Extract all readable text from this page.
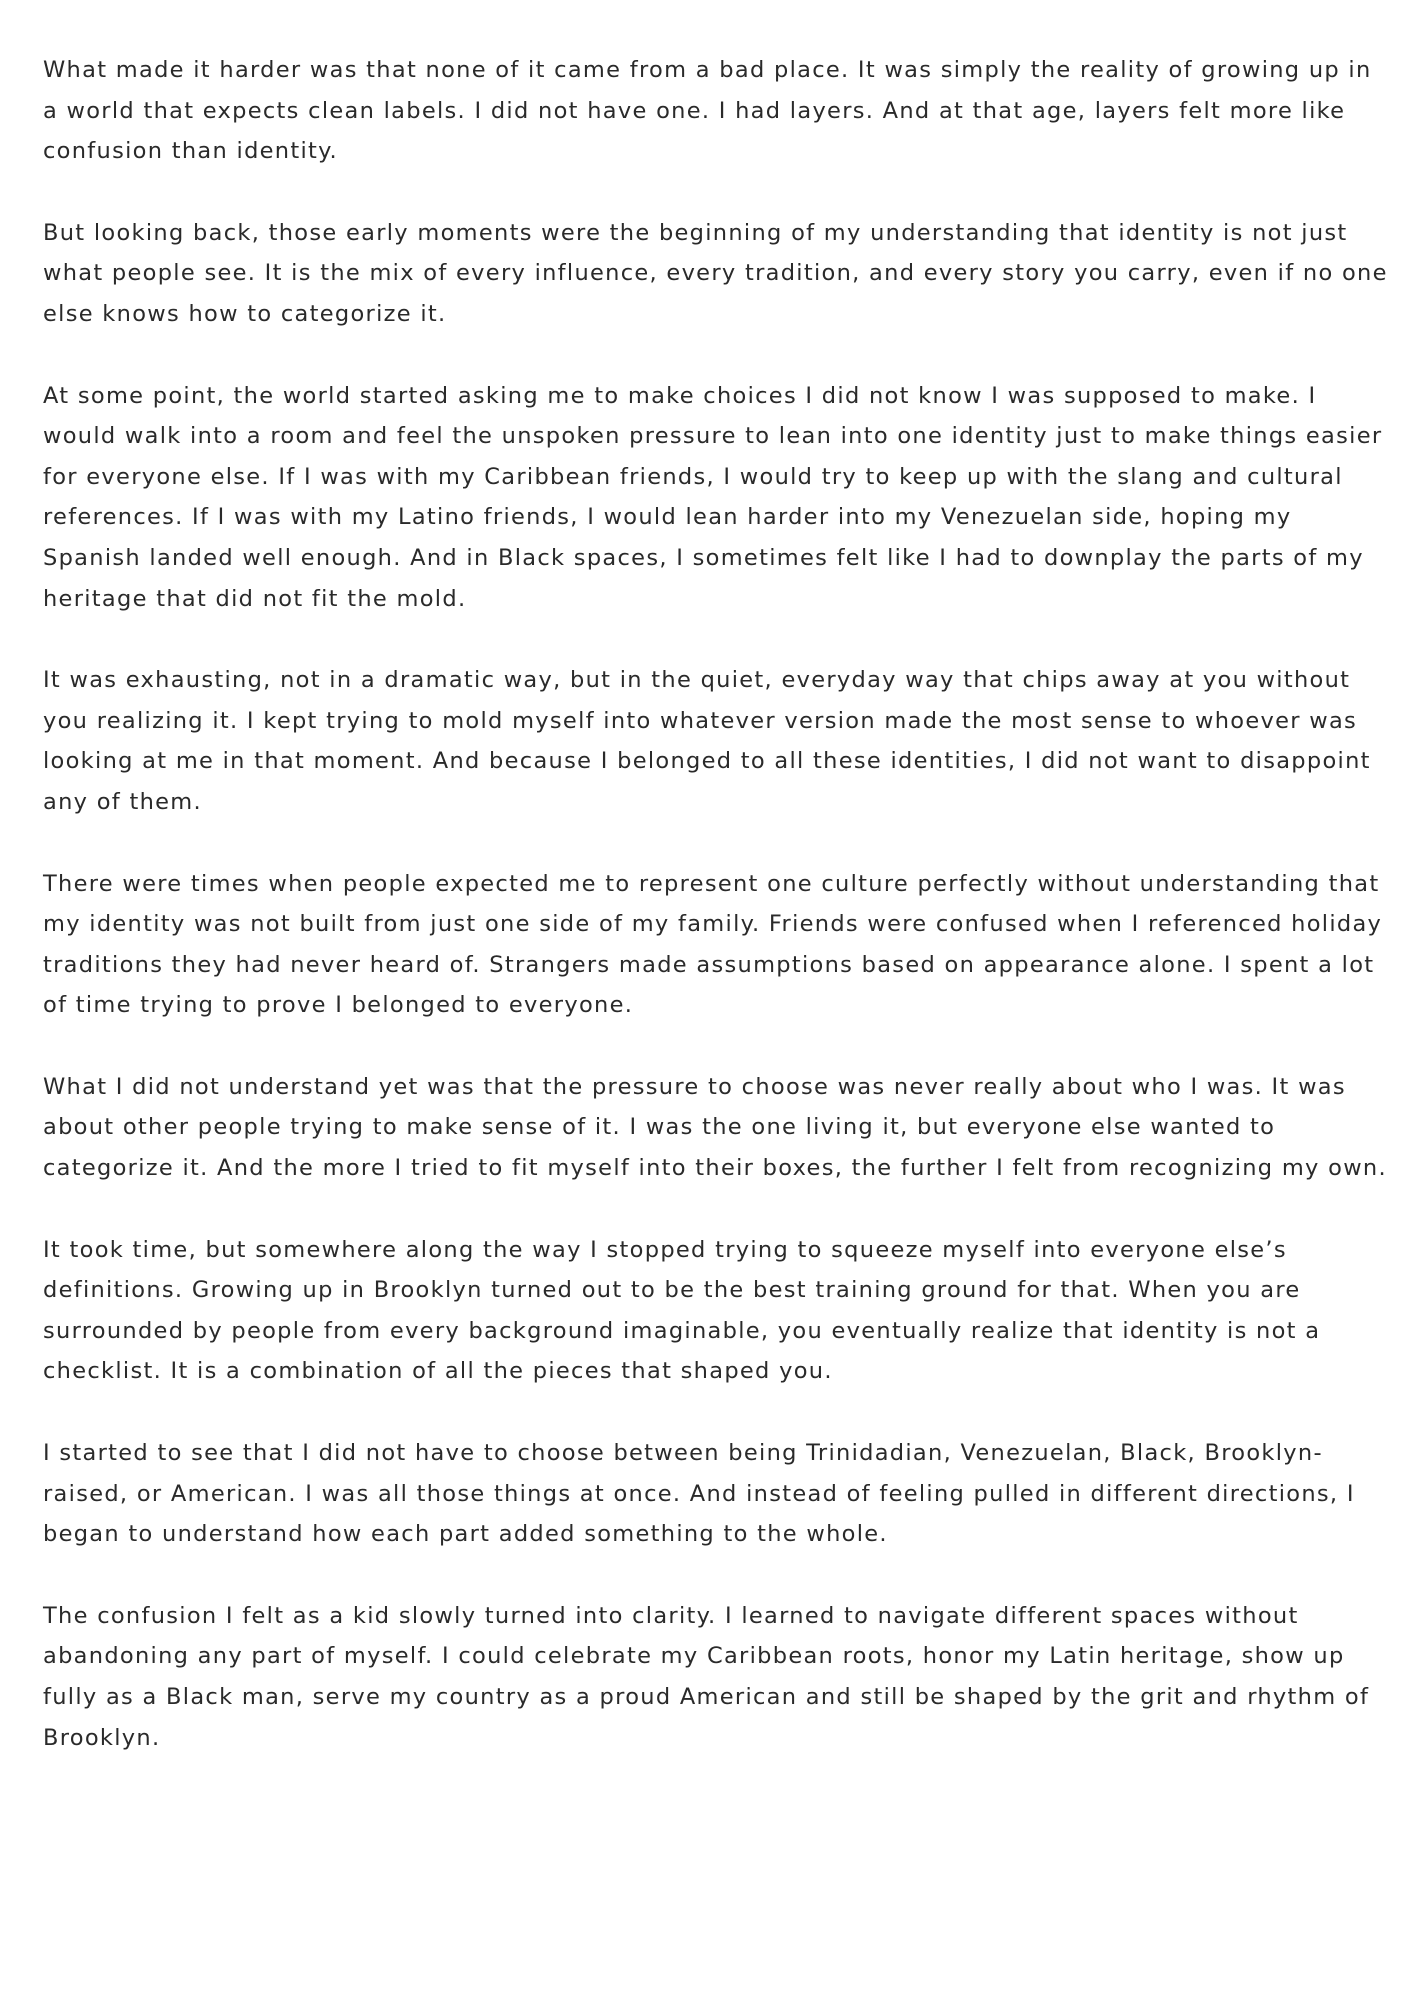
What made it harder was that none of it came from a bad place. It was simply the reality of growing up in a world that expects clean labels. I did not have one. I had layers. And at that age, layers felt more like confusion than identity.

But looking back, those early moments were the beginning of my understanding that identity is not just what people see. It is the mix of every influence, every tradition, and every story you carry, even if no one else knows how to categorize it.

At some point, the world started asking me to make choices I did not know I was supposed to make. I would walk into a room and feel the unspoken pressure to lean into one identity just to make things easier for everyone else. If I was with my Caribbean friends, I would try to keep up with the slang and cultural references. If I was with my Latino friends, I would lean harder into my Venezuelan side, hoping my Spanish landed well enough. And in Black spaces, I sometimes felt like I had to downplay the parts of my heritage that did not fit the mold.

It was exhausting, not in a dramatic way, but in the quiet, everyday way that chips away at you without you realizing it. I kept trying to mold myself into whatever version made the most sense to whoever was looking at me in that moment. And because I belonged to all these identities, I did not want to disappoint any of them.

There were times when people expected me to represent one culture perfectly without understanding that my identity was not built from just one side of my family. Friends were confused when I referenced holiday traditions they had never heard of. Strangers made assumptions based on appearance alone. I spent a lot of time trying to prove I belonged to everyone.

What I did not understand yet was that the pressure to choose was never really about who I was. It was about other people trying to make sense of it. I was the one living it, but everyone else wanted to categorize it. And the more I tried to fit myself into their boxes, the further I felt from recognizing my own.

It took time, but somewhere along the way I stopped trying to squeeze myself into everyone else’s definitions. Growing up in Brooklyn turned out to be the best training ground for that. When you are surrounded by people from every background imaginable, you eventually realize that identity is not a checklist. It is a combination of all the pieces that shaped you.

I started to see that I did not have to choose between being Trinidadian, Venezuelan, Black, Brooklyn-raised, or American. I was all those things at once. And instead of feeling pulled in different directions, I began to understand how each part added something to the whole.

The confusion I felt as a kid slowly turned into clarity. I learned to navigate different spaces without abandoning any part of myself. I could celebrate my Caribbean roots, honor my Latin heritage, show up fully as a Black man, serve my country as a proud American and still be shaped by the grit and rhythm of Brooklyn.
